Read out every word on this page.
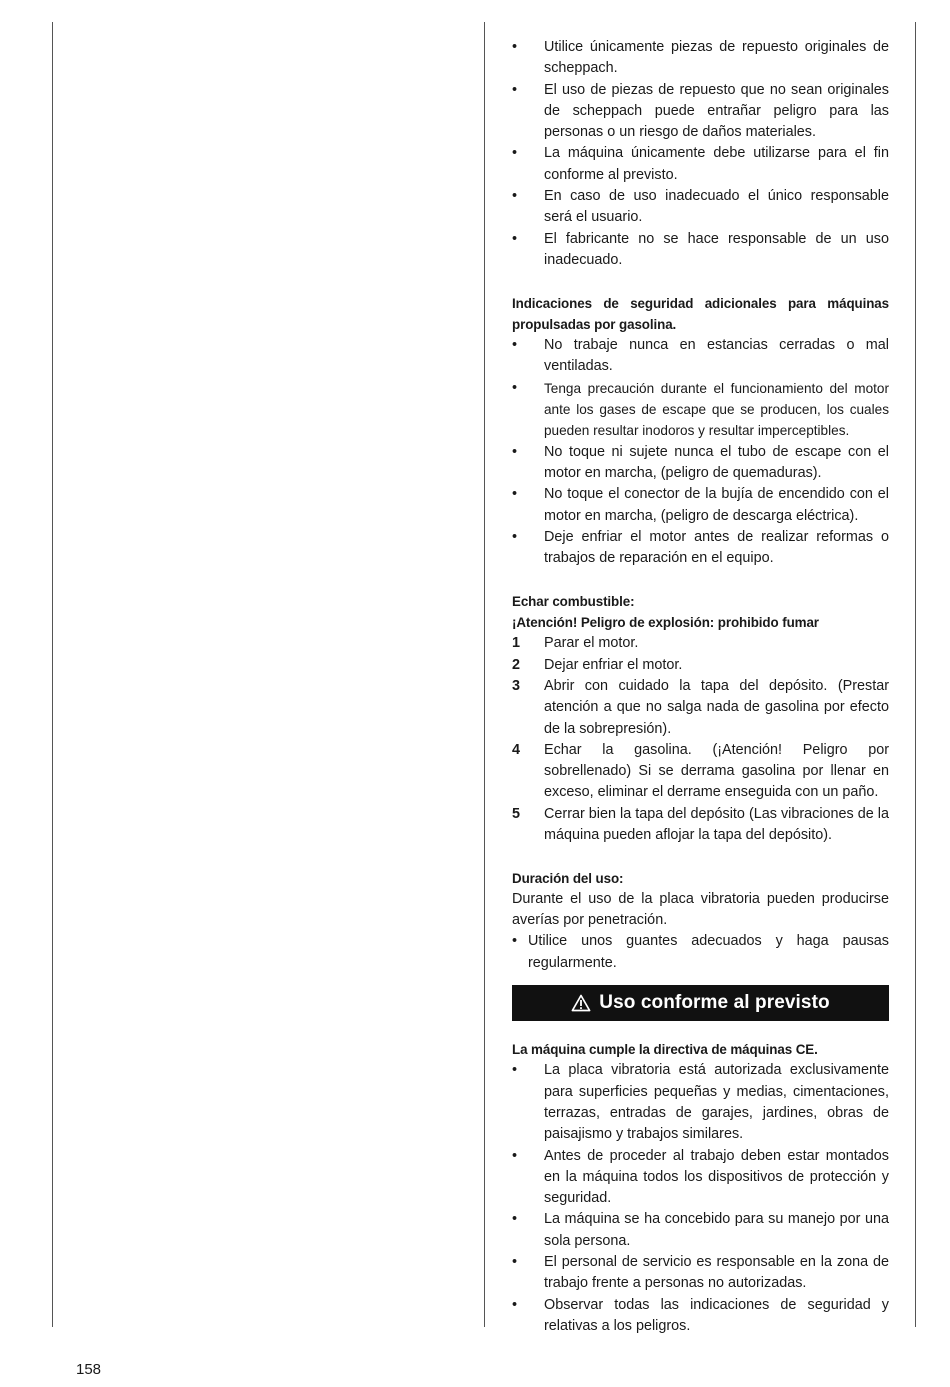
•	Utilice únicamente piezas de repuesto originales de scheppach.
•	El uso de piezas de repuesto que no sean originales de scheppach puede entrañar peligro para las personas o un riesgo de daños materiales.
•	La máquina únicamente debe utilizarse para el fin conforme al previsto.
•	En caso de uso inadecuado el único responsable será el usuario.
•	El fabricante no se hace responsable de un uso inadecuado.
Indicaciones de seguridad adicionales para máquinas propulsadas por gasolina.
•	No trabaje nunca en estancias cerradas o mal ventiladas.
•	Tenga precaución durante el funcionamiento del motor ante los gases de escape que se producen, los cuales pueden resultar inodoros y resultar imperceptibles.
•	No toque ni sujete nunca el tubo de escape con el motor en marcha, (peligro de quemaduras).
•	No toque el conector de la bujía de encendido con el motor en marcha, (peligro de descarga eléctrica).
•	Deje enfriar el motor antes de realizar reformas o trabajos de reparación en el equipo.
Echar combustible:
¡Atención! Peligro de explosión: prohibido fumar
1	Parar el motor.
2	Dejar enfriar el motor.
3	Abrir con cuidado la tapa del depósito. (Prestar atención a que no salga nada de gasolina por efecto de la sobrepresión).
4	Echar la gasolina. (¡Atención! Peligro por sobrellenado) Si se derrama gasolina por llenar en exceso, eliminar el derrame enseguida con un paño.
5	Cerrar bien la tapa del depósito (Las vibraciones de la máquina pueden aflojar la tapa del depósito).
Duración del uso:
Durante el uso de la placa vibratoria pueden producirse averías por penetración.
• Utilice unos guantes adecuados y haga pausas regularmente.
Uso conforme al previsto
La máquina cumple la directiva de máquinas CE.
•	La placa vibratoria está autorizada exclusivamente para superficies pequeñas y medias, cimentaciones, terrazas, entradas de garajes, jardines, obras de paisajismo y trabajos similares.
•	Antes de proceder al trabajo deben estar montados en la máquina todos los dispositivos de protección y seguridad.
•	La máquina se ha concebido para su manejo por una sola persona.
•	El personal de servicio es responsable en la zona de trabajo frente a personas no autorizadas.
•	Observar todas las indicaciones de seguridad y relativas a los peligros.
158
